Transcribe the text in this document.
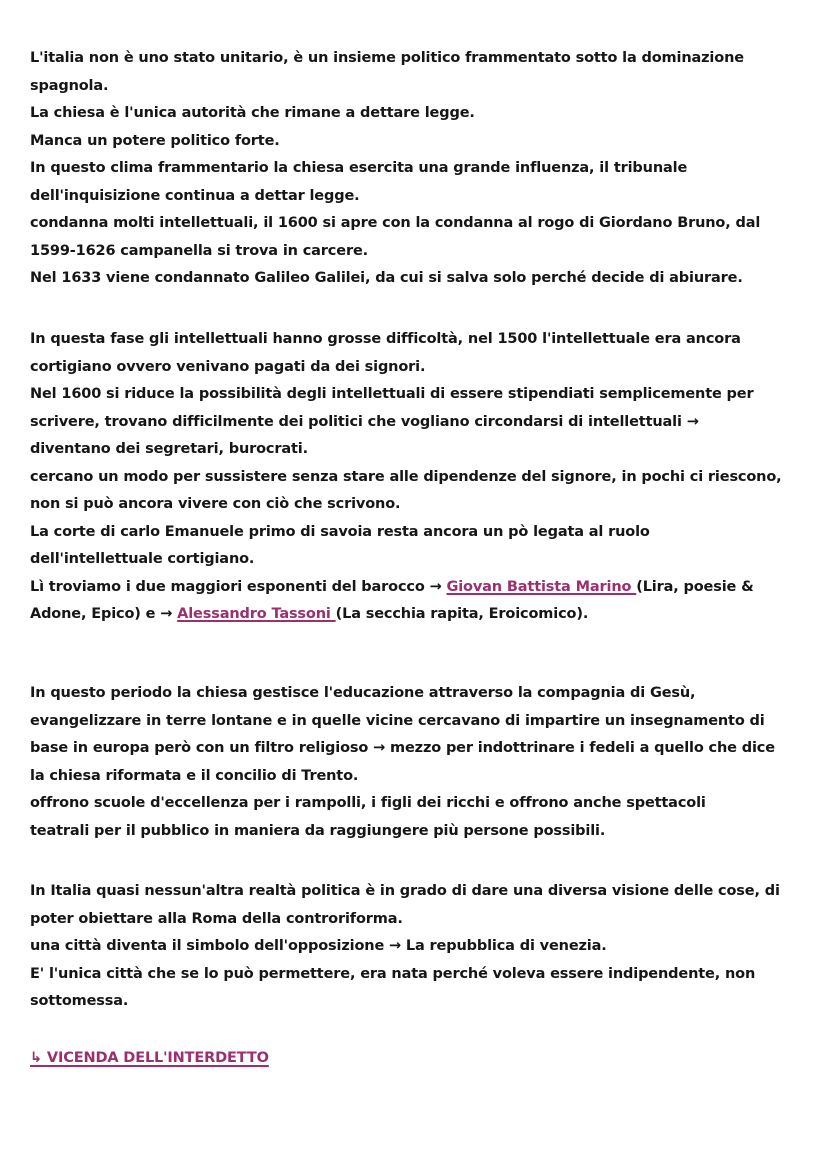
L'italia non è uno stato unitario, è un insieme politico frammentato sotto la dominazione
spagnola.
La chiesa è l'unica autorità che rimane a dettare legge.
Manca un potere politico forte.
In questo clima frammentario la chiesa esercita una grande influenza, il tribunale
dell'inquisizione continua a dettar legge.
condanna molti intellettuali, il 1600 si apre con la condanna al rogo di Giordano Bruno, dal
1599-1626 campanella si trova in carcere.
Nel 1633 viene condannato Galileo Galilei, da cui si salva solo perché decide di abiurare.
In questa fase gli intellettuali hanno grosse difficoltà, nel 1500 l'intellettuale era ancora
cortigiano ovvero venivano pagati da dei signori.
Nel 1600 si riduce la possibilità degli intellettuali di essere stipendiati semplicemente per
scrivere, trovano difficilmente dei politici che vogliano circondarsi di intellettuali →
diventano dei segretari, burocrati.
cercano un modo per sussistere senza stare alle dipendenze del signore, in pochi ci riescono,
non si può ancora vivere con ciò che scrivono.
La corte di carlo Emanuele primo di savoia resta ancora un pò legata al ruolo
dell'intellettuale cortigiano.
Lì troviamo i due maggiori esponenti del barocco → Giovan Battista Marino (Lira, poesie &
Adone, Epico) e → Alessandro Tassoni (La secchia rapita, Eroicomico).
In questo periodo la chiesa gestisce l'educazione attraverso la compagnia di Gesù,
evangelizzare in terre lontane e in quelle vicine cercavano di impartire un insegnamento di
base in europa però con un filtro religioso → mezzo per indottrinare i fedeli a quello che dice
la chiesa riformata e il concilio di Trento.
offrono scuole d'eccellenza per i rampolli, i figli dei ricchi e offrono anche spettacoli
teatrali per il pubblico in maniera da raggiungere più persone possibili.
In Italia quasi nessun'altra realtà politica è in grado di dare una diversa visione delle cose, di
poter obiettare alla Roma della controriforma.
una città diventa il simbolo dell'opposizione → La repubblica di venezia.
E' l'unica città che se lo può permettere, era nata perché voleva essere indipendente, non
sottomessa.
↳ VICENDA DELL'INTERDETTO
